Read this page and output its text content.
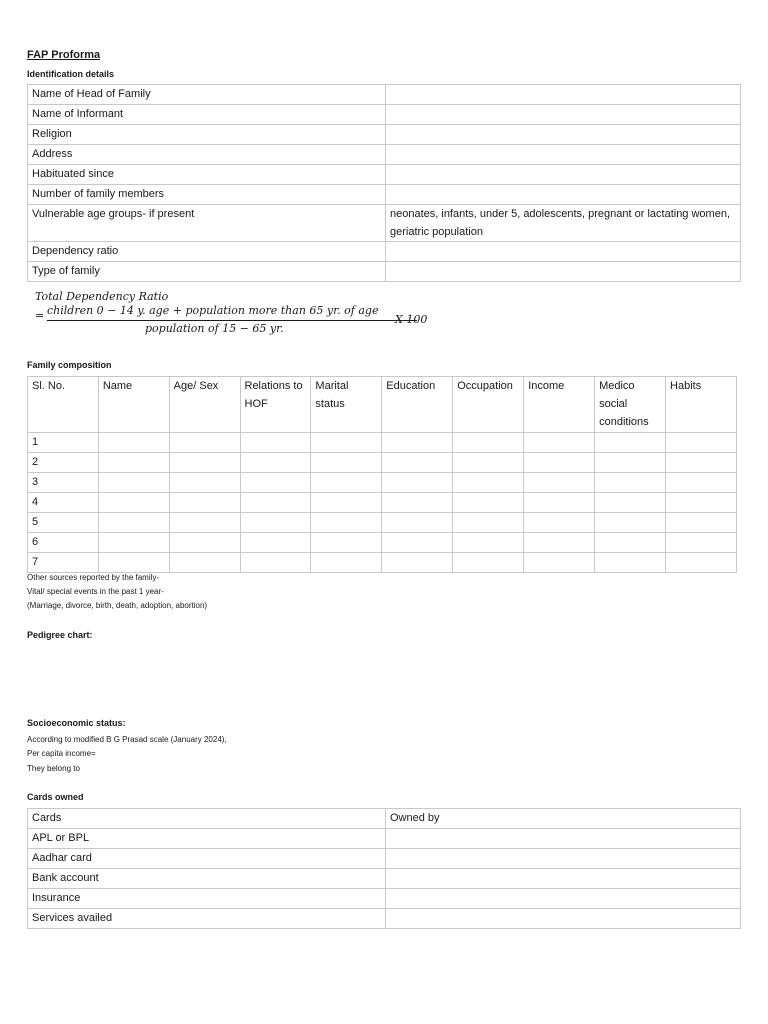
FAP Proforma
Identification details
Name of Head of Family	
Name of Informant	
Religion	
Address	
Habituated since	
Number of family members	
Vulnerable age groups- if present	neonates, infants, under 5, adolescents, pregnant or lactating women, geriatric population
Dependency ratio	
Type of family	
Total Dependency Ratio
= children 0 − 14 y. age + population more than 65 yr. of age
population of 15 − 65 yr.
X 100
Family composition
Sl. No.	Name	Age/ Sex	Relations to HOF	Marital status	Education	Occupation	Income	Medico social conditions	Habits
1									
2									
3									
4									
5									
6									
7									
Other sources reported by the family-
Vital/ special events in the past 1 year-
(Marriage, divorce, birth, death, adoption, abortion)
Pedigree chart:
Socioeconomic status:
According to modified B G Prasad scale (January 2024),
Per capita income=
They belong to
Cards owned
Cards	Owned by
APL or BPL	
Aadhar card	
Bank account	
Insurance	
Services availed	
